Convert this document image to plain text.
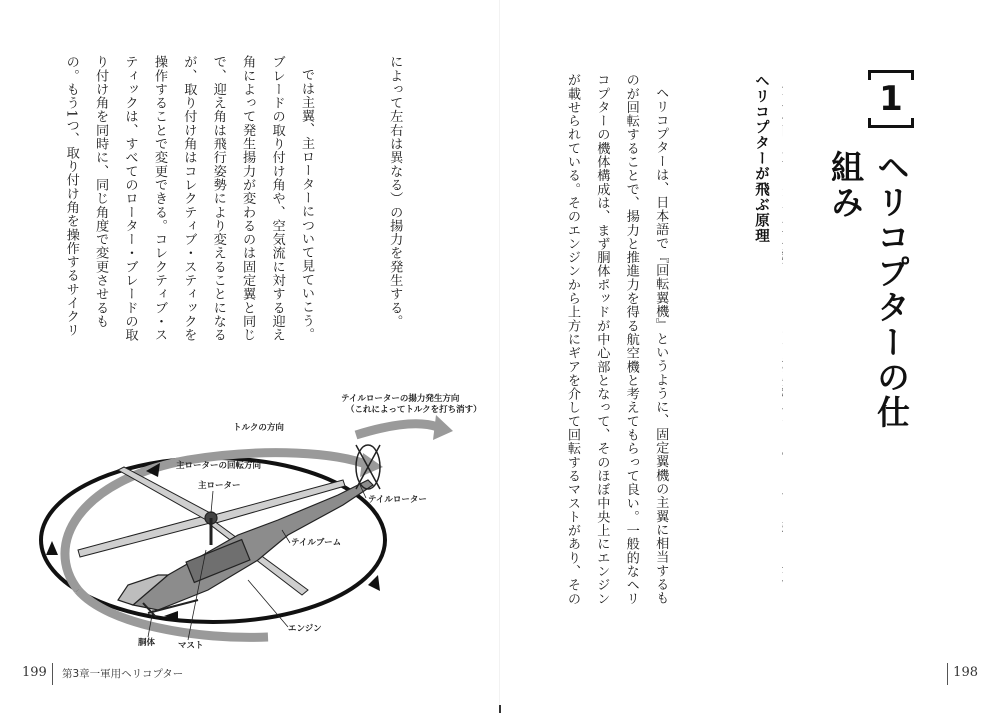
によって左右は異なる）の揚力を発生する。

では主翼、主ローターについて見ていこう。ブレードの取り付け角や、空気流に対する迎え角によって発生揚力が変わるのは固定翼と同じで、迎え角は飛行姿勢により変えることになるが、取り付け角はコレクティブ・スティックを操作することで変更できる。コレクティブ・スティックは、すべてのローター・ブレードの取り付け角を同時に、同じ角度で変更させるもの。もう1つ、取り付け角を操作するサイクリ

テイルローターの揚力発生方向
（これによってトルクを打ち消す）
トルクの方向
主ローターの回転方向
主ローター
テイルローター
テイルブーム
エンジン
胴体	マスト
199 第3章一軍用ヘリコプター
1
ヘリコプターの仕組み

ヘリコプターが飛ぶ原理

ヘリコプターは、日本語で『回転翼機』というように、固定翼機の主翼に相当するものが回転することで、揚力と推進力を得る航空機と考えてもらって良い。一般的なヘリコプターの機体構成は、まず胴体ポッドが中心部となって、そのほぼ中央上にエンジンが載せられている。そのエンジンから上方にギアを介して回転するマストがあり、その

198
